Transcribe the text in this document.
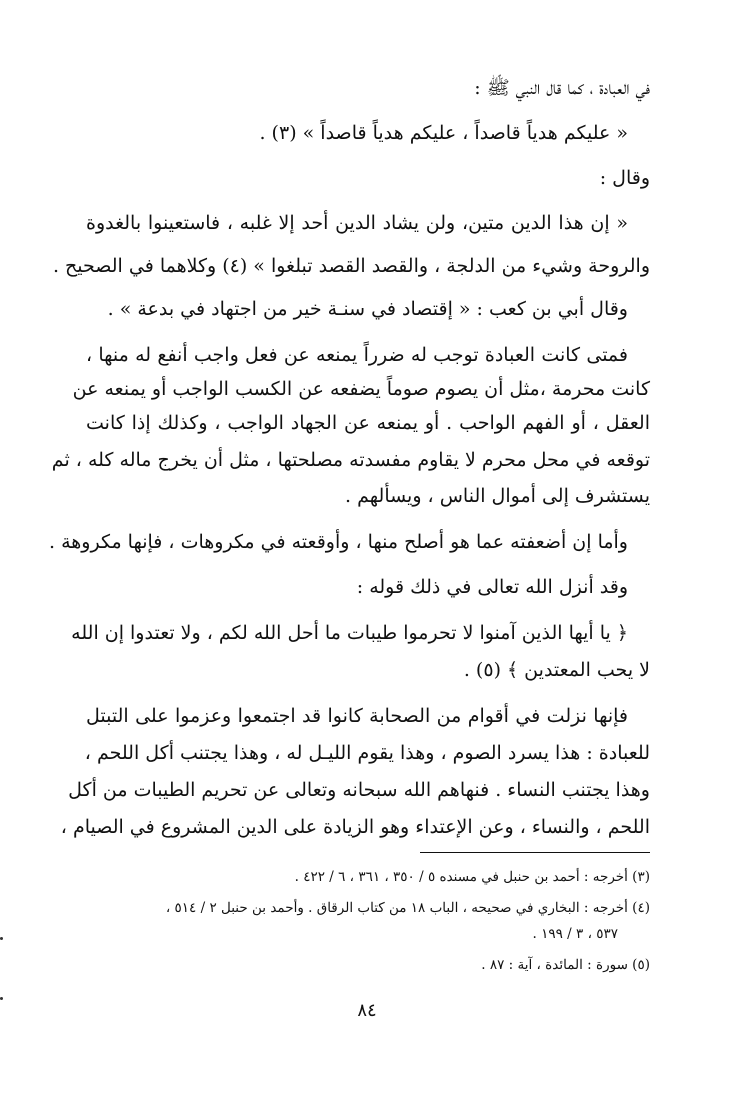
في العبادة ، كما قال النبي ﷺ :
« عليكم هدياً قاصداً ، عليكم هدياً قاصداً » (٣) .
وقال :
« إن هذا الدين متين، ولن يشاد الدين أحد إلا غلبه ، فاستعينوا بالغدوة
والروحة وشيء من الدلجة ، والقصد القصد تبلغوا » (٤) وكلاهما في الصحيح .
وقال أبي بن كعب : « إقتصاد في سنـة خير من اجتهاد في بدعة » .
فمتى كانت العبادة توجب له ضرراً يمنعه عن فعل واجب أنفع له منها ،
كانت محرمة ،مثل أن يصوم صوماً يضفعه عن الكسب الواجب أو يمنعه عن
العقل ، أو الفهم الواحب . أو يمنعه عن الجهاد الواجب ، وكذلك إذا كانت
توقعه في محل محرم لا يقاوم مفسدته مصلحتها ، مثل أن يخرج ماله كله ، ثم
يستشرف إلى أموال الناس ، ويسألهم .
وأما إن أضعفته عما هو أصلح منها ، وأوقعته في مكروهات ، فإنها مكروهة .
وقد أنزل الله تعالى في ذلك قوله :
﴿ يا أيها الذين آمنوا لا تحرموا طيبات ما أحل الله لكم ، ولا تعتدوا إن الله
لا يحب المعتدين ﴾ (٥) .
فإنها نزلت في أقوام من الصحابة كانوا قد اجتمعوا وعزموا على التبتل
للعبادة : هذا يسرد الصوم ، وهذا يقوم الليـل له ، وهذا يجتنب أكل اللحم ،
وهذا يجتنب النساء . فنهاهم الله سبحانه وتعالى عن تحريم الطيبات من أكل
اللحم ، والنساء ، وعن الإعتداء وهو الزيادة على الدين المشروع في الصيام ،
(٣) أخرجه : أحمد بن حنبل في مسنده ٥ / ٣٥٠ ، ٣٦١ ، ٦ / ٤٢٢ .
(٤) أخرجه : البخاري في صحيحه ، الباب ١٨ من كتاب الرقاق . وأحمد بن حنبل ٢ / ٥١٤ ،
٥٣٧ ، ٣ / ١٩٩ .
(٥) سورة : المائدة ، آية : ٨٧ .
٨٤
